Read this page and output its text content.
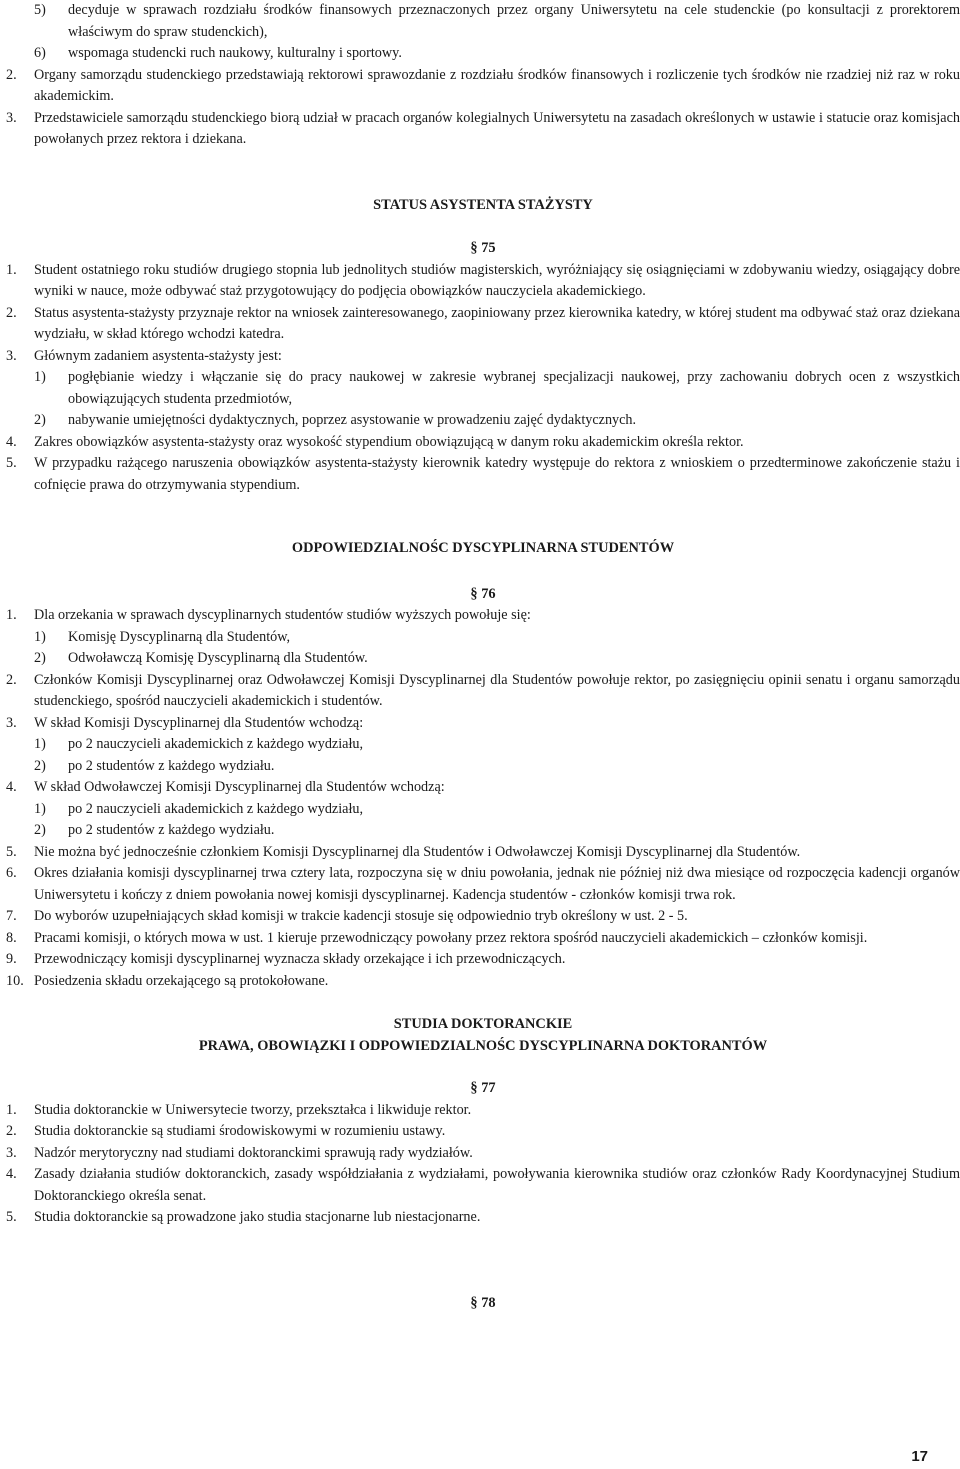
5)	decyduje w sprawach rozdziału środków finansowych przeznaczonych przez organy Uniwersytetu na cele studenckie (po konsultacji z prorektorem właściwym do spraw studenckich),
6)	wspomaga studencki ruch naukowy, kulturalny i sportowy.
2.	Organy samorządu studenckiego przedstawiają rektorowi sprawozdanie z rozdziału środków finansowych i rozliczenie tych środków nie rzadziej niż raz w roku akademickim.
3.	Przedstawiciele samorządu studenckiego biorą udział w pracach organów kolegialnych Uniwersytetu na zasadach określonych w ustawie i statucie oraz komisjach powołanych przez rektora i dziekana.
STATUS ASYSTENTA STAŻYSTY
§ 75
1.	Student ostatniego roku studiów drugiego stopnia lub jednolitych studiów magisterskich, wyróżniający się osiągnięciami w zdobywaniu wiedzy, osiągający dobre wyniki w nauce, może odbywać staż przygotowujący do podjęcia obowiązków nauczyciela akademickiego.
2.	Status asystenta-stażysty przyznaje rektor na wniosek zainteresowanego, zaopiniowany przez kierownika katedry, w której student ma odbywać staż oraz dziekana wydziału, w skład którego wchodzi katedra.
3.	Głównym zadaniem asystenta-stażysty jest:
1)	pogłębianie wiedzy i włączanie się do pracy naukowej w zakresie wybranej specjalizacji naukowej, przy zachowaniu dobrych ocen z wszystkich obowiązujących studenta przedmiotów,
2)	nabywanie umiejętności dydaktycznych, poprzez asystowanie w prowadzeniu zajęć dydaktycznych.
4.	Zakres obowiązków asystenta-stażysty oraz wysokość stypendium obowiązującą w danym roku akademickim określa rektor.
5.	W przypadku rażącego naruszenia obowiązków asystenta-stażysty kierownik katedry występuje do rektora z wnioskiem o przedterminowe zakończenie stażu i cofnięcie prawa do otrzymywania stypendium.
ODPOWIEDZIALNOŚC DYSCYPLINARNA STUDENTÓW
§ 76
1.	Dla orzekania w sprawach dyscyplinarnych studentów studiów wyższych powołuje się:
1)	Komisję Dyscyplinarną dla Studentów,
2)	Odwoławczą Komisję Dyscyplinarną dla Studentów.
2.	Członków Komisji Dyscyplinarnej oraz Odwoławczej Komisji Dyscyplinarnej dla Studentów powołuje rektor, po zasięgnięciu opinii senatu i organu samorządu studenckiego, spośród nauczycieli akademickich i studentów.
3.	W skład Komisji Dyscyplinarnej dla Studentów wchodzą:
1)	po 2 nauczycieli akademickich z każdego wydziału,
2)	po 2 studentów z każdego wydziału.
4.	W skład Odwoławczej Komisji Dyscyplinarnej dla Studentów wchodzą:
1)	po 2 nauczycieli akademickich z każdego wydziału,
2)	po 2 studentów z każdego wydziału.
5.	Nie można być jednocześnie członkiem Komisji Dyscyplinarnej dla Studentów i Odwoławczej Komisji Dyscyplinarnej dla Studentów.
6.	Okres działania komisji dyscyplinarnej trwa cztery lata, rozpoczyna się w dniu powołania, jednak nie później niż dwa miesiące od rozpoczęcia kadencji organów Uniwersytetu i kończy z dniem powołania nowej komisji dyscyplinarnej. Kadencja studentów - członków komisji trwa rok.
7.	Do wyborów uzupełniających skład komisji w trakcie kadencji stosuje się odpowiednio tryb określony w ust. 2 - 5.
8.	Pracami komisji, o których mowa w ust. 1 kieruje przewodniczący powołany przez rektora spośród nauczycieli akademickich – członków komisji.
9.	Przewodniczący komisji dyscyplinarnej wyznacza składy orzekające i ich przewodniczących.
10. Posiedzenia składu orzekającego są protokołowane.
STUDIA DOKTORANCKIE
PRAWA, OBOWIĄZKI I ODPOWIEDZIALNOŚC DYSCYPLINARNA DOKTORANTÓW
§ 77
1.	Studia doktoranckie w Uniwersytecie tworzy, przekształca i likwiduje rektor.
2.	Studia doktoranckie są studiami środowiskowymi w rozumieniu ustawy.
3.	Nadzór merytoryczny nad studiami doktoranckimi sprawują rady wydziałów.
4.	Zasady działania studiów doktoranckich, zasady współdziałania z wydziałami, powoływania kierownika studiów oraz członków Rady Koordynacyjnej Studium Doktoranckiego określa senat.
5.	Studia doktoranckie są prowadzone jako studia stacjonarne lub niestacjonarne.
§ 78
17
